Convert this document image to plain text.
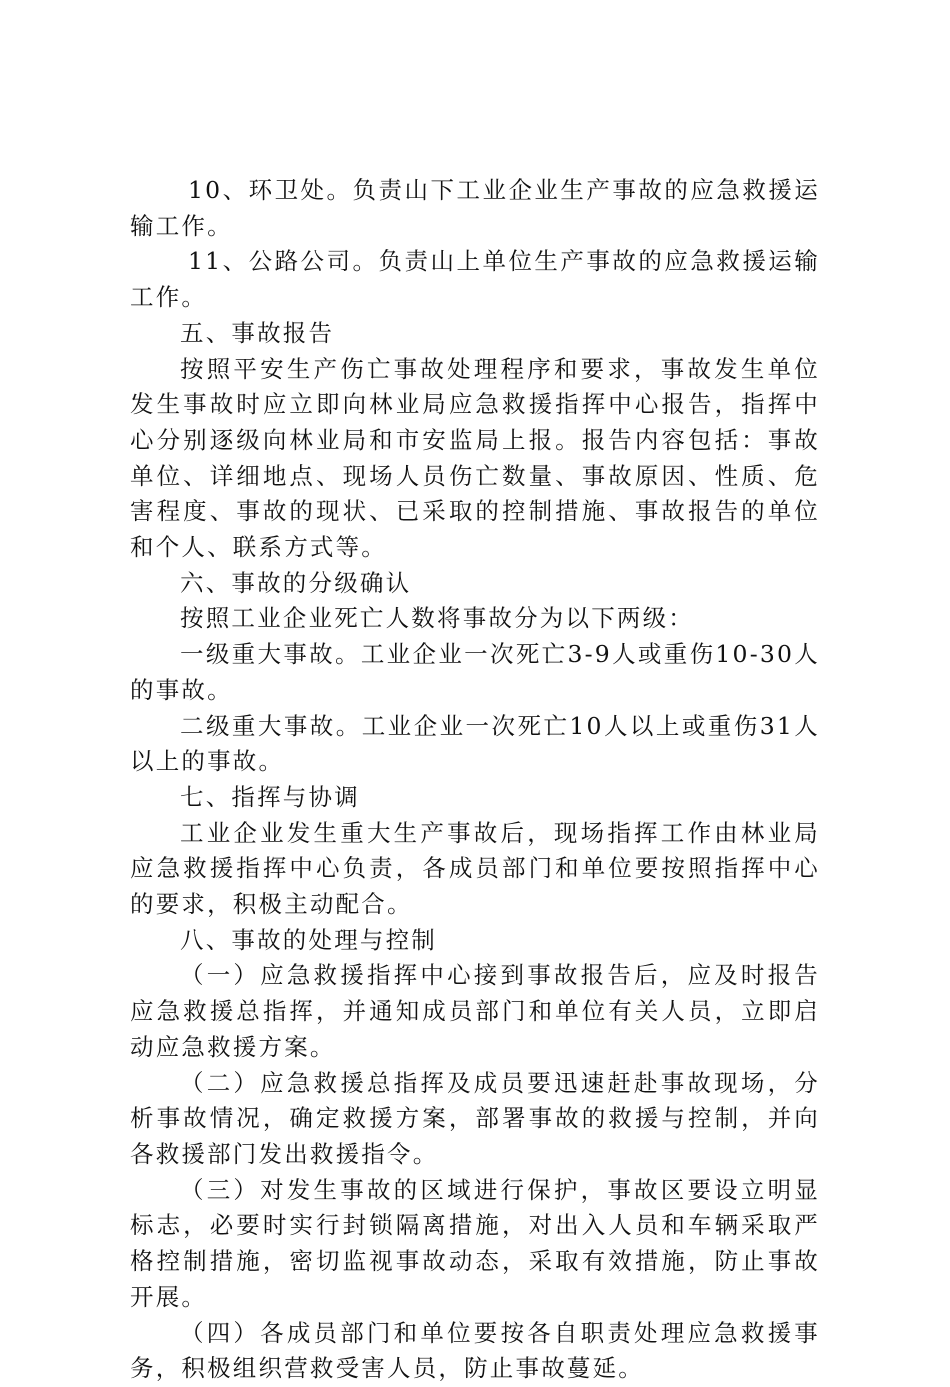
10、环卫处。负责山下工业企业生产事故的应急救援运输工作。

11、公路公司。负责山上单位生产事故的应急救援运输工作。

五、事故报告

按照平安生产伤亡事故处理程序和要求，事故发生单位发生事故时应立即向林业局应急救援指挥中心报告，指挥中心分别逐级向林业局和市安监局上报。报告内容包括：事故单位、详细地点、现场人员伤亡数量、事故原因、性质、危害程度、事故的现状、已采取的控制措施、事故报告的单位和个人、联系方式等。

六、事故的分级确认

按照工业企业死亡人数将事故分为以下两级：

一级重大事故。工业企业一次死亡3-9人或重伤10-30人的事故。

二级重大事故。工业企业一次死亡10人以上或重伤31人以上的事故。

七、指挥与协调

工业企业发生重大生产事故后，现场指挥工作由林业局应急救援指挥中心负责，各成员部门和单位要按照指挥中心的要求，积极主动配合。

八、事故的处理与控制

（一）应急救援指挥中心接到事故报告后，应及时报告应急救援总指挥，并通知成员部门和单位有关人员，立即启动应急救援方案。

（二）应急救援总指挥及成员要迅速赶赴事故现场，分析事故情况，确定救援方案，部署事故的救援与控制，并向各救援部门发出救援指令。

（三）对发生事故的区域进行保护，事故区要设立明显标志，必要时实行封锁隔离措施，对出入人员和车辆采取严格控制措施，密切监视事故动态，采取有效措施，防止事故开展。

（四）各成员部门和单位要按各自职责处理应急救援事务，积极组织营救受害人员，防止事故蔓延。
